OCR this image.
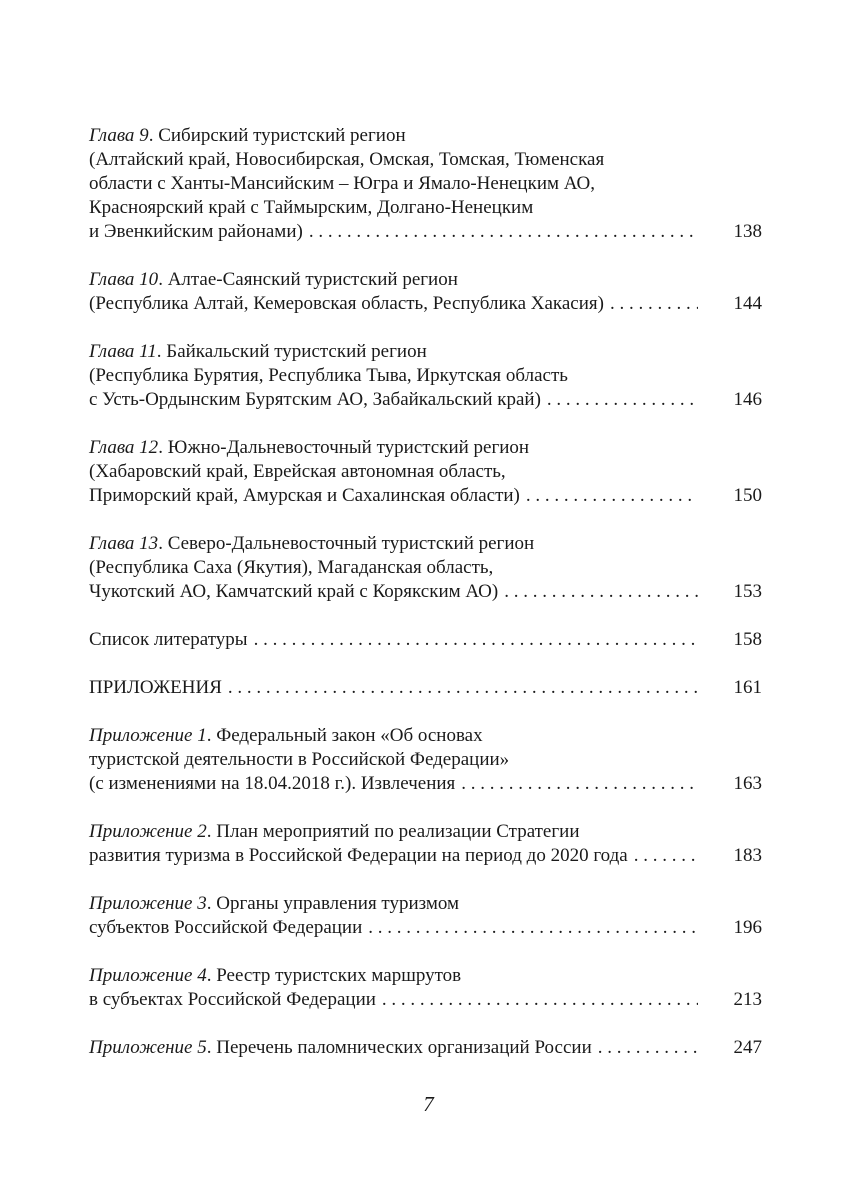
Глава 9. Сибирский туристский регион
(Алтайский край, Новосибирская, Омская, Томская, Тюменская
области с Ханты-Мансийским – Югра и Ямало-Ненецким АО,
Красноярский край с Таймырским, Долгано-Ненецким
и Эвенкийским районами) . . .	138
Глава 10. Алтае-Саянский туристский регион
(Республика Алтай, Кемеровская область, Республика Хакасия) . . .	144
Глава 11. Байкальский туристский регион
(Республика Бурятия, Республика Тыва, Иркутская область
с Усть-Ордынским Бурятским АО, Забайкальский край) . . .	146
Глава 12. Южно-Дальневосточный туристский регион
(Хабаровский край, Еврейская автономная область,
Приморский край, Амурская и Сахалинская области) . . .	150
Глава 13. Северо-Дальневосточный туристский регион
(Республика Саха (Якутия), Магаданская область,
Чукотский АО, Камчатский край с Корякским АО) . . .	153
Список литературы . . .	158
ПРИЛОЖЕНИЯ . . .	161
Приложение 1. Федеральный закон «Об основах
туристской деятельности в Российской Федерации»
(с изменениями на 18.04.2018 г.). Извлечения . . .	163
Приложение 2. План мероприятий по реализации Стратегии
развития туризма в Российской Федерации на период до 2020 года . . .	183
Приложение 3. Органы управления туризмом
субъектов Российской Федерации . . .	196
Приложение 4. Реестр туристских маршрутов
в субъектах Российской Федерации . . .	213
Приложение 5. Перечень паломнических организаций России . . .	247
7
